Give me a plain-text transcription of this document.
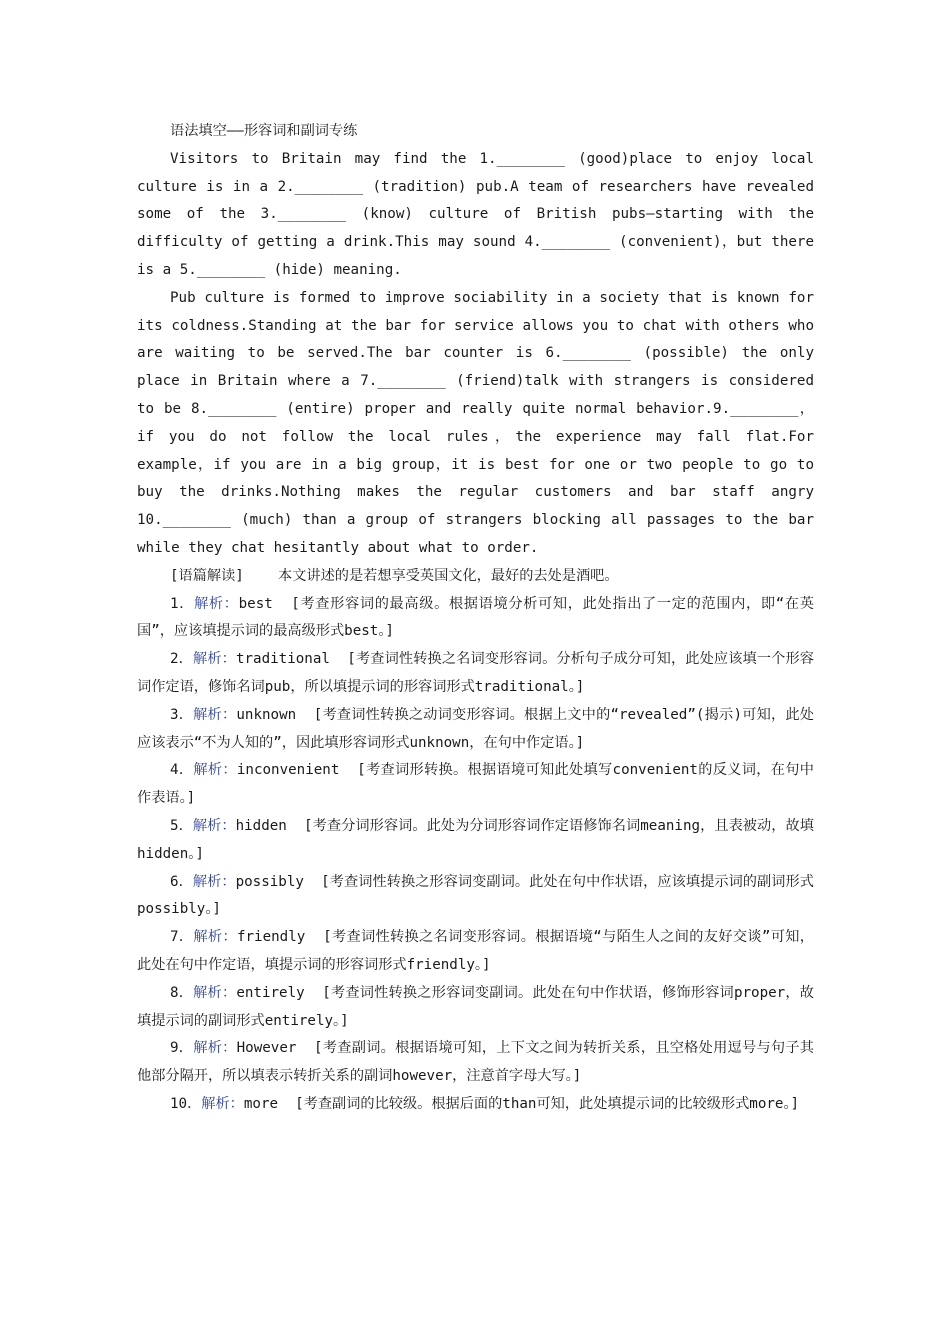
语法填空——形容词和副词专练

Visitors to Britain may find the 1.________ (good)place to enjoy local culture is in a 2.________ (tradition) pub.A team of researchers have revealed some of the 3.________ (know) culture of British pubs—starting with the difficulty of getting a drink.This may sound 4.________ (convenient)，but there is a 5.________ (hide) meaning.

Pub culture is formed to improve sociability in a society that is known for its coldness.Standing at the bar for service allows you to chat with others who are waiting to be served.The bar counter is 6.________ (possible) the only place in Britain where a 7.________ (friend)talk with strangers is considered to be 8.________ (entire) proper and really quite normal behavior.9.________，if you do not follow the local rules，the experience may fall flat.For example，if you are in a big group，it is best for one or two people to go to buy the drinks.Nothing makes the regular customers and bar staff angry 10.________ (much) than a group of strangers blocking all passages to the bar while they chat hesitantly about what to order.

[语篇解读] 本文讲述的是若想享受英国文化，最好的去处是酒吧。

1．解析：best [考查形容词的最高级。根据语境分析可知，此处指出了一定的范围内，即“在英国”，应该填提示词的最高级形式best。]

2．解析：traditional [考查词性转换之名词变形容词。分析句子成分可知，此处应该填一个形容词作定语，修饰名词pub，所以填提示词的形容词形式traditional。]

3．解析：unknown [考查词性转换之动词变形容词。根据上文中的“revealed”(揭示)可知，此处应该表示“不为人知的”，因此填形容词形式unknown，在句中作定语。]

4．解析：inconvenient [考查词形转换。根据语境可知此处填写convenient的反义词，在句中作表语。]

5．解析：hidden [考查分词形容词。此处为分词形容词作定语修饰名词meaning，且表被动，故填hidden。]

6．解析：possibly [考查词性转换之形容词变副词。此处在句中作状语，应该填提示词的副词形式possibly。]

7．解析：friendly [考查词性转换之名词变形容词。根据语境“与陌生人之间的友好交谈”可知，此处在句中作定语，填提示词的形容词形式friendly。]

8．解析：entirely [考查词性转换之形容词变副词。此处在句中作状语，修饰形容词proper，故填提示词的副词形式entirely。]

9．解析：However [考查副词。根据语境可知，上下文之间为转折关系，且空格处用逗号与句子其他部分隔开，所以填表示转折关系的副词however，注意首字母大写。]

10．解析：more [考查副词的比较级。根据后面的than可知，此处填提示词的比较级形式more。]
